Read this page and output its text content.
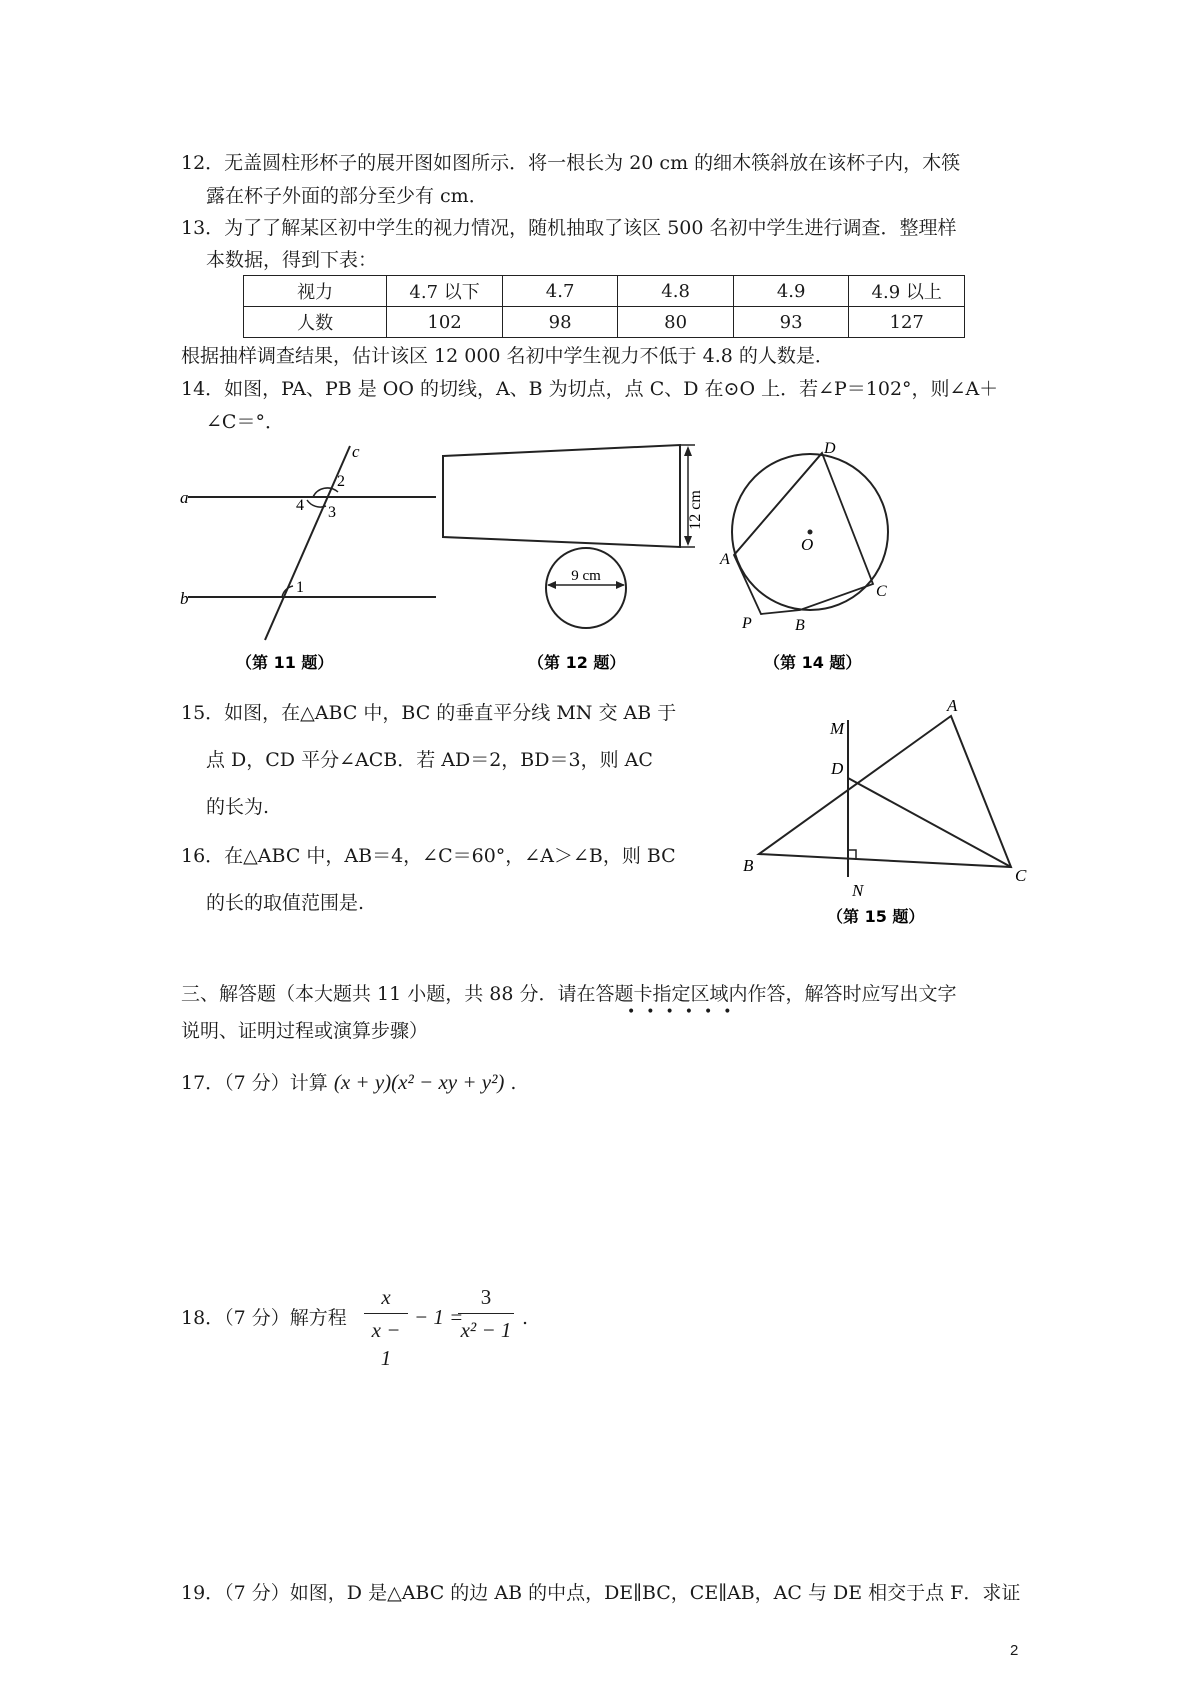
12．无盖圆柱形杯子的展开图如图所示．将一根长为 20 cm 的细木筷斜放在该杯子内，木筷
露在杯子外面的部分至少有 cm．
13．为了了解某区初中学生的视力情况，随机抽取了该区 500 名初中学生进行调查．整理样
本数据，得到下表：
视力	4.7 以下	4.7	4.8	4.9	4.9 以上
人数	102	98	80	93	127
根据抽样调查结果，估计该区 12 000 名初中学生视力不低于 4.8 的人数是．
14．如图，PA、PB 是 OO 的切线，A、B 为切点，点 C、D 在⊙O 上．若∠P＝102°，则∠A＋
∠C＝°．
a
b
c
2
4 3
1
（第 11 题）
12 cm
9 cm
（第 12 题）
D
O
A
C
B
P
（第 14 题）
15．如图，在△ABC 中，BC 的垂直平分线 MN 交 AB 于
点 D，CD 平分∠ACB．若 AD＝2，BD＝3，则 AC
的长为.
16．在△ABC 中，AB＝4，∠C＝60°，∠A＞∠B，则 BC
的长的取值范围是.
A
M
D
B
C
N
（第 15 题）
三、解答题（本大题共 11 小题，共 88 分．请在答题卡指定区域内作答，解答时应写出文字
••••••
说明、证明过程或演算步骤）
17．（7 分）计算 (x + y)(x² − xy + y²) .
18．（7 分）解方程
x
x − 1
− 1 =
3
x² − 1 .
19．（7 分）如图，D 是△ABC 的边 AB 的中点，DE∥BC，CE∥AB，AC 与 DE 相交于点 F．求证
2
